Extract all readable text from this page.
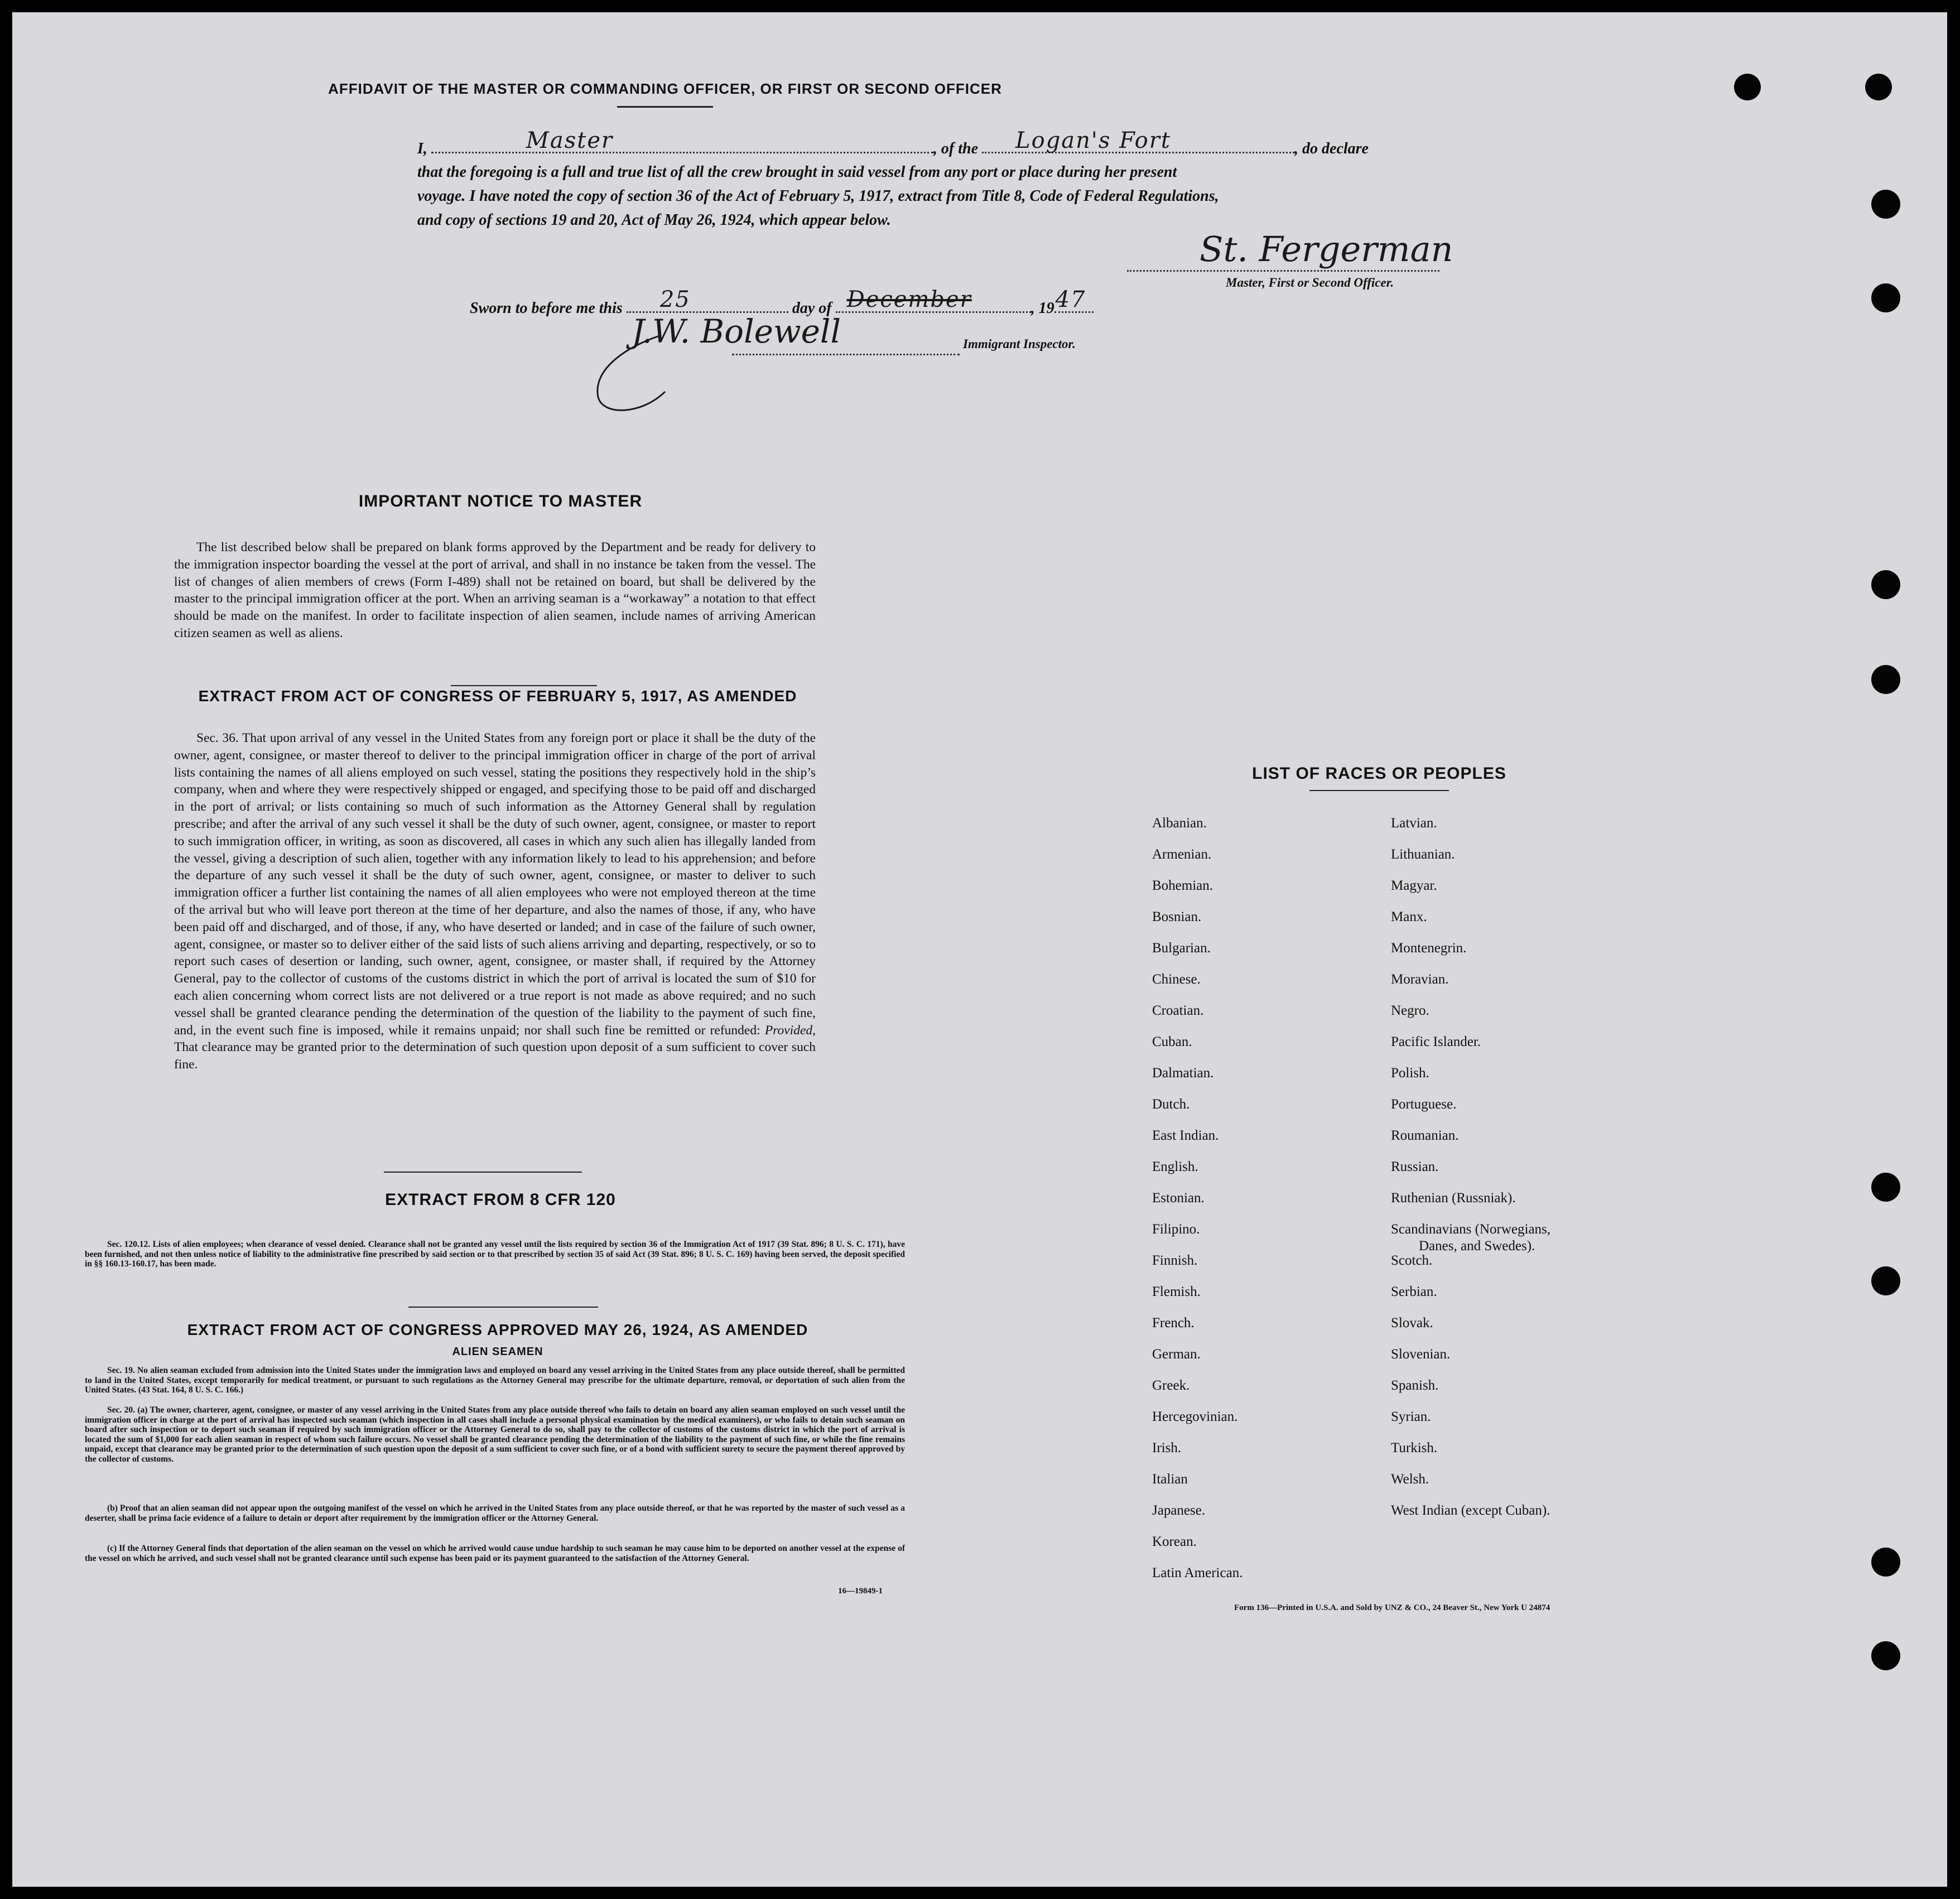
AFFIDAVIT OF THE MASTER OR COMMANDING OFFICER, OR FIRST OR SECOND OFFICER
I,	Master	, of the Logan's Fort	, do declare
that the foregoing is a full and true list of all the crew brought in said vessel from any port or place during her present
voyage. I have noted the copy of section 36 of the Act of February 5, 1917, extract from Title 8, Code of Federal Regulations,
and copy of sections 19 and 20, Act of May 26, 1924, which appear below.
St. Fergerman
Master, First or Second Officer.
Sworn to before me this 25	day of December	, 19 47
J.W. Bolewell	Immigrant Inspector.
IMPORTANT NOTICE TO MASTER
The list described below shall be prepared on blank forms approved by the Department and be ready for delivery to the immigration inspector boarding the vessel at the port of arrival, and shall in no instance be taken from the vessel. The list of changes of alien members of crews (Form I-489) shall not be retained on board, but shall be delivered by the master to the principal immigration officer at the port. When an arriving seaman is a “workaway” a notation to that effect should be made on the manifest. In order to facilitate inspection of alien seamen, include names of arriving American citizen seamen as well as aliens.
EXTRACT FROM ACT OF CONGRESS OF FEBRUARY 5, 1917, AS AMENDED
Sec. 36. That upon arrival of any vessel in the United States from any foreign port or place it shall be the duty of the owner, agent, consignee, or master thereof to deliver to the principal immigration officer in charge of the port of arrival lists containing the names of all aliens employed on such vessel, stating the positions they respectively hold in the ship’s company, when and where they were respectively shipped or engaged, and specifying those to be paid off and discharged in the port of arrival; or lists containing so much of such information as the Attorney General shall by regulation prescribe; and after the arrival of any such vessel it shall be the duty of such owner, agent, consignee, or master to report to such immigration officer, in writing, as soon as discovered, all cases in which any such alien has illegally landed from the vessel, giving a description of such alien, together with any information likely to lead to his apprehension; and before the departure of any such vessel it shall be the duty of such owner, agent, consignee, or master to deliver to such immigration officer a further list containing the names of all alien employees who were not employed thereon at the time of the arrival but who will leave port thereon at the time of her departure, and also the names of those, if any, who have been paid off and discharged, and of those, if any, who have deserted or landed; and in case of the failure of such owner, agent, consignee, or master so to deliver either of the said lists of such aliens arriving and departing, respectively, or so to report such cases of desertion or landing, such owner, agent, consignee, or master shall, if required by the Attorney General, pay to the collector of customs of the customs district in which the port of arrival is located the sum of $10 for each alien concerning whom correct lists are not delivered or a true report is not made as above required; and no such vessel shall be granted clearance pending the determination of the question of the liability to the payment of such fine, and, in the event such fine is imposed, while it remains unpaid; nor shall such fine be remitted or refunded: Provided, That clearance may be granted prior to the determination of such question upon deposit of a sum sufficient to cover such fine.
EXTRACT FROM 8 CFR 120
Sec. 120.12. Lists of alien employees; when clearance of vessel denied. Clearance shall not be granted any vessel until the lists required by section 36 of the Immigration Act of 1917 (39 Stat. 896; 8 U. S. C. 171), have been furnished, and not then unless notice of liability to the administrative fine prescribed by said section or to that prescribed by section 35 of said Act (39 Stat. 896; 8 U. S. C. 169) having been served, the deposit specified in §§ 160.13-160.17, has been made.
EXTRACT FROM ACT OF CONGRESS APPROVED MAY 26, 1924, AS AMENDED
ALIEN SEAMEN
Sec. 19. No alien seaman excluded from admission into the United States under the immigration laws and employed on board any vessel arriving in the United States from any place outside thereof, shall be permitted to land in the United States, except temporarily for medical treatment, or pursuant to such regulations as the Attorney General may prescribe for the ultimate departure, removal, or deportation of such alien from the United States. (43 Stat. 164, 8 U. S. C. 166.)
Sec. 20. (a) The owner, charterer, agent, consignee, or master of any vessel arriving in the United States from any place outside thereof who fails to detain on board any alien seaman employed on such vessel until the immigration officer in charge at the port of arrival has inspected such seaman (which inspection in all cases shall include a personal physical examination by the medical examiners), or who fails to detain such seaman on board after such inspection or to deport such seaman if required by such immigration officer or the Attorney General to do so, shall pay to the collector of customs of the customs district in which the port of arrival is located the sum of $1,000 for each alien seaman in respect of whom such failure occurs. No vessel shall be granted clearance pending the determination of the liability to the payment of such fine, or while the fine remains unpaid, except that clearance may be granted prior to the determination of such question upon the deposit of a sum sufficient to cover such fine, or of a bond with sufficient surety to secure the payment thereof approved by the collector of customs.
(b) Proof that an alien seaman did not appear upon the outgoing manifest of the vessel on which he arrived in the United States from any place outside thereof, or that he was reported by the master of such vessel as a deserter, shall be prima facie evidence of a failure to detain or deport after requirement by the immigration officer or the Attorney General.
(c) If the Attorney General finds that deportation of the alien seaman on the vessel on which he arrived would cause undue hardship to such seaman he may cause him to be deported on another vessel at the expense of the vessel on which he arrived, and such vessel shall not be granted clearance until such expense has been paid or its payment guaranteed to the satisfaction of the Attorney General.
16—19849-1
LIST OF RACES OR PEOPLES
Albanian.
Armenian.
Bohemian.
Bosnian.
Bulgarian.
Chinese.
Croatian.
Cuban.
Dalmatian.
Dutch.
East Indian.
English.
Estonian.
Filipino.
Finnish.
Flemish.
French.
German.
Greek.
Hercegovinian.
Irish.
Italian
Japanese.
Korean.
Latin American.
Latvian.
Lithuanian.
Magyar.
Manx.
Montenegrin.
Moravian.
Negro.
Pacific Islander.
Polish.
Portuguese.
Roumanian.
Russian.
Ruthenian (Russniak).
Scandinavians (Norwegians,
Danes, and Swedes).
Scotch.
Serbian.
Slovak.
Slovenian.
Spanish.
Syrian.
Turkish.
Welsh.
West Indian (except Cuban).
Form 136—Printed in U.S.A. and Sold by UNZ & CO., 24 Beaver St., New York U 24874
